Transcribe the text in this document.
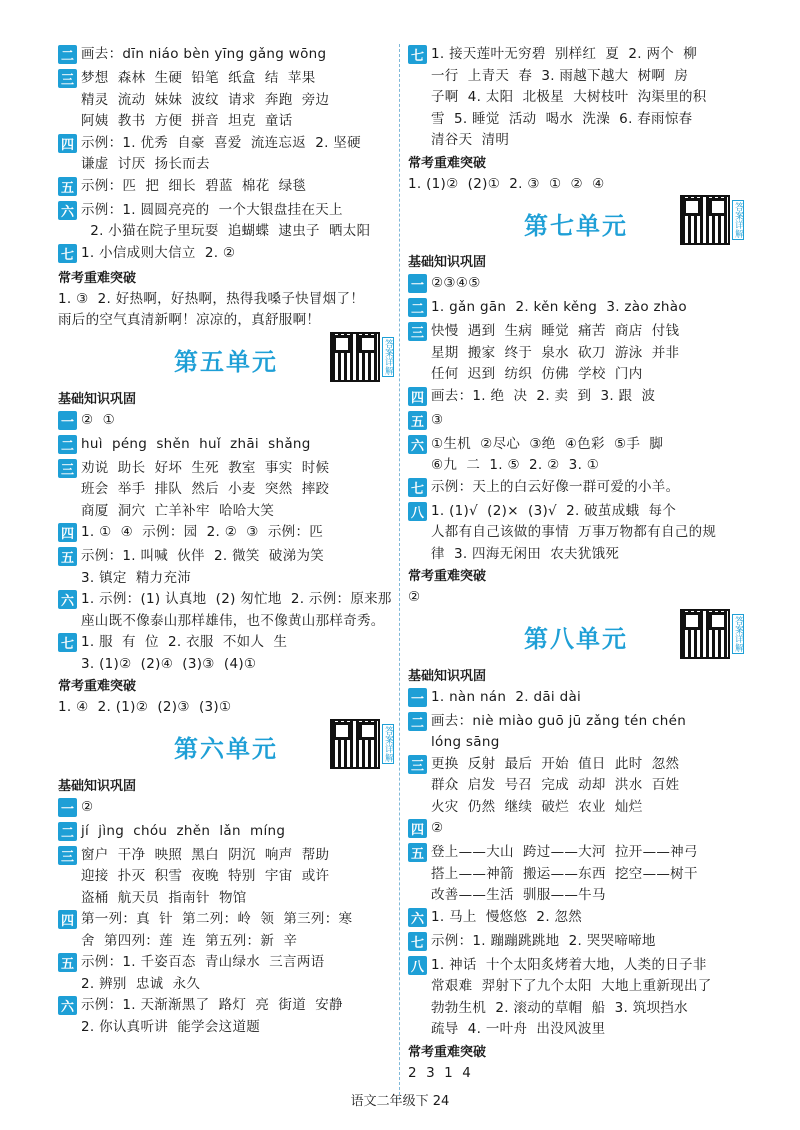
二 画去：dīn niáo bèn yīng gǎng wōng
三 梦想  森林  生硬  铅笔  纸盒  结  苹果
精灵  流动  妹妹  波纹  请求  奔跑  旁边
阿姨  教书  方便  拼音  坦克  童话
四 示例：1. 优秀  自豪  喜爱  流连忘返  2. 坚硬
谦虚  讨厌  扬长而去
五 示例：匹  把  细长  碧蓝  棉花  绿毯
六 示例：1. 圆圆亮亮的  一个大银盘挂在天上
2. 小猫在院子里玩耍  追蝴蝶  逮虫子  晒太阳
七 1. 小信成则大信立  2. ②
常考重难突破
1. ③  2. 好热啊，好热啊，热得我嗓子快冒烟了！
雨后的空气真清新啊！凉凉的，真舒服啊！
第五单元	答案详解
基础知识巩固
一 ②  ①
二 huì  péng  shěn  huǐ  zhāi  shǎng
三 劝说  助长  好坏  生死  教室  事实  时候
班会  举手  排队  然后  小麦  突然  摔跤
商厦  洞穴  亡羊补牢  哈哈大笑
四 1. ①  ④  示例：园  2. ②  ③  示例：匹
五 示例：1. 叫喊  伙伴  2. 微笑  破涕为笑
3. 镇定  精力充沛
六 1. 示例：(1) 认真地  (2) 匆忙地  2. 示例：原来那
座山既不像泰山那样雄伟，也不像黄山那样奇秀。
七 1. 服  有  位  2. 衣服  不如人  生
3. (1)②  (2)④  (3)③  (4)①
常考重难突破
1. ④  2. (1)②  (2)③  (3)①
第六单元	答案详解
基础知识巩固
一 ②
二 jí  jìng  chóu  zhěn  lǎn  míng
三 窗户  干净  映照  黑白  阴沉  响声  帮助
迎接  扑灭  积雪  夜晚  特别  宇宙  或许
盗桶  航天员  指南针  物馆
四 第一列：真  针  第二列：岭  领  第三列：寒
舍  第四列：莲  连  第五列：新  辛
五 示例：1. 千姿百态  青山绿水  三言两语
2. 辨别  忠诚  永久
六 示例：1. 天渐渐黑了  路灯  亮  街道  安静
2. 你认真听讲  能学会这道题
七 1. 接天莲叶无穷碧  别样红  夏  2. 两个  柳
一行  上青天  春  3. 雨越下越大  树啊  房
子啊  4. 太阳  北极星  大树枝叶  沟渠里的积
雪  5. 睡觉  活动  喝水  洗澡  6. 春雨惊春
清谷天  清明
常考重难突破
1. (1)②  (2)①  2. ③  ①  ②  ④
第七单元	答案详解
基础知识巩固
一 ②③④⑤
二 1. gǎn gān  2. kěn kěng  3. zào zhào
三 快慢  遇到  生病  睡觉  痛苦  商店  付钱
星期  搬家  终于  泉水  砍刀  游泳  并非
任何  迟到  纺织  仿佛  学校  门内
四 画去：1. 绝  决  2. 卖  到  3. 跟  波
五 ③
六 ①生机  ②尽心  ③绝  ④色彩  ⑤手  脚
⑥九  二  1. ⑤  2. ②  3. ①
七 示例：天上的白云好像一群可爱的小羊。
八 1. (1)√  (2)×  (3)√  2. 破茧成蛾  每个
人都有自己该做的事情  万事万物都有自己的规
律  3. 四海无闲田  农夫犹饿死
常考重难突破
②
第八单元	答案详解
基础知识巩固
一 1. nàn nán  2. dāi dài
二 画去：niè miào guō jū zǎng tén chén
lóng sāng
三 更换  反射  最后  开始  值日  此时  忽然
群众  启发  号召  完成  动却  洪水  百姓
火灾  仍然  继续  破烂  农业  灿烂
四 ②
五 登上——大山  跨过——大河  拉开——神弓
搭上——神箭  搬运——东西  挖空——树干
改善——生活  驯服——牛马
六 1. 马上  慢悠悠  2. 忽然
七 示例：1. 蹦蹦跳跳地  2. 哭哭啼啼地
八 1. 神话  十个太阳炙烤着大地，人类的日子非
常艰难  羿射下了九个太阳  大地上重新现出了
勃勃生机  2. 滚动的草帽  船  3. 筑坝挡水
疏导  4. 一叶舟  出没风波里
常考重难突破
2  3  1  4
语文二年级下 24
